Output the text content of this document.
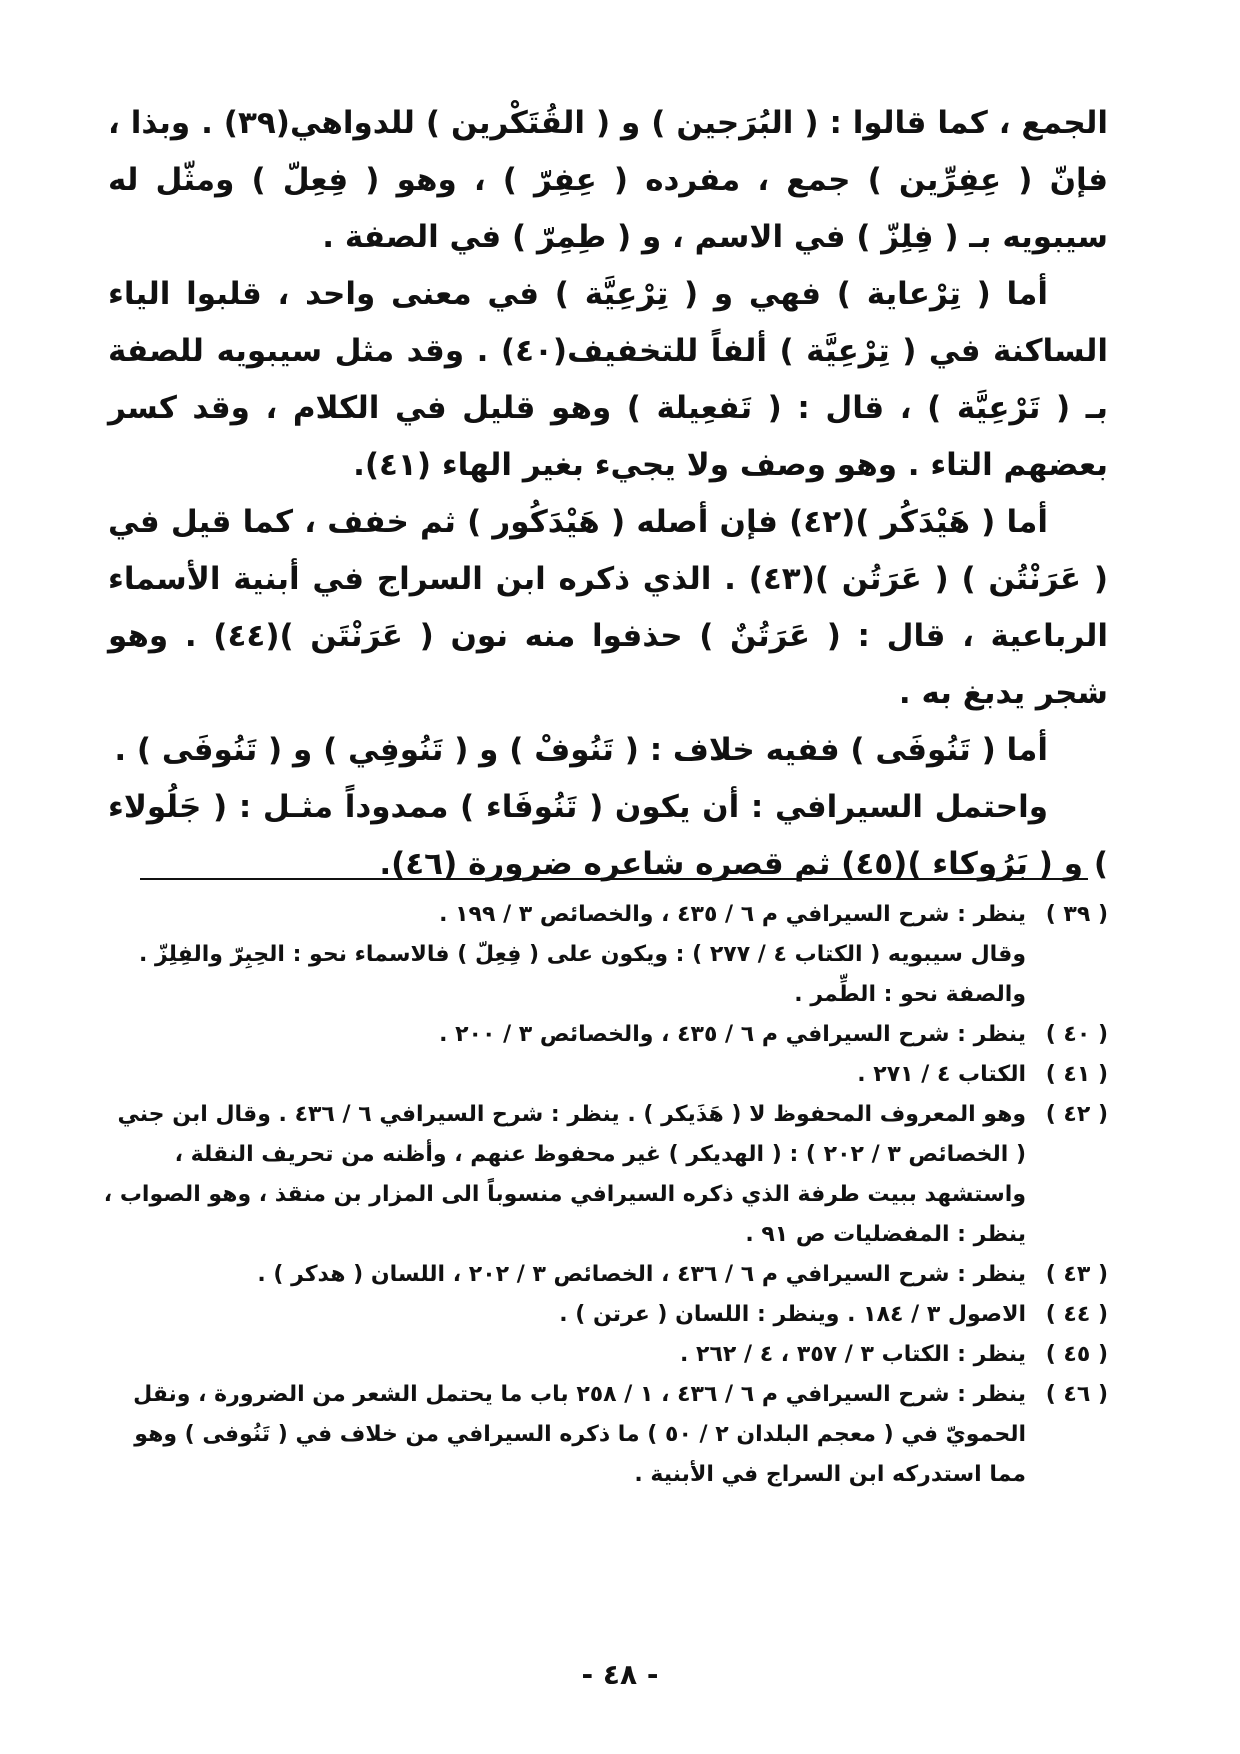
الجمع ، كما قالوا : ( البُرَجين ) و ( القُتَكْرين ) للدواهي(٣٩) . وبذا ، فإنّ ( عِفِرِّين ) جمع ، مفرده ( عِفِرّ ) ، وهو ( فِعِلّ ) ومثّل له سيبويه بـ ( فِلِزّ ) في الاسم ، و ( طِمِرّ ) في الصفة .

أما ( تِرْعاية ) فهي و ( تِرْعِيَّة ) في معنى واحد ، قلبوا الياء الساكنة في ( تِرْعِيَّة ) ألفاً للتخفيف(٤٠) . وقد مثل سيبويه للصفة بـ ( تَرْعِيَّة ) ، قال : ( تَفعِيلة ) وهو قليل في الكلام ، وقد كسر بعضهم التاء . وهو وصف ولا يجيء بغير الهاء (٤١).

أما ( هَيْدَكُر )(٤٢) فإن أصله ( هَيْدَكُور ) ثم خفف ، كما قيل في ( عَرَنْتُن ) ( عَرَتُن )(٤٣) . الذي ذكره ابن السراج في أبنية الأسماء الرباعية ، قال : ( عَرَتُنٌ ) حذفوا منه نون ( عَرَنْتَن )(٤٤) . وهو شجر يدبغ به .

أما ( تَنُوفَى ) ففيه خلاف : ( تَنُوفْ ) و ( تَنُوفِي ) و ( تَنُوفَى ) .

واحتمل السيرافي : أن يكون ( تَنُوفَاء ) ممدوداً مثـل : ( جَلُولاء ) و ( بَرُوكاء )(٤٥) ثم قصره شاعره ضرورة (٤٦).

( ٣٩ )
ينظر : شرح السيرافي م ٦ / ٤٣٥ ، والخصائص ٣ / ١٩٩ .
وقال سيبويه ( الكتاب ٤ / ٢٧٧ ) : ويكون على ( فِعِلّ ) فالاسماء نحو : الحِبِرّ والفِلِزّ .
والصفة نحو : الطِّمر .
( ٤٠ )
ينظر : شرح السيرافي م ٦ / ٤٣٥ ، والخصائص ٣ / ٢٠٠ .
( ٤١ )
الكتاب ٤ / ٢٧١ .
( ٤٢ )
وهو المعروف المحفوظ لا ( هَذَيكر ) . ينظر : شرح السيرافي ٦ / ٤٣٦ . وقال ابن جني
( الخصائص ٣ / ٢٠٢ ) : ( الهديكر ) غير محفوظ عنهم ، وأظنه من تحريف النقلة ،
واستشهد ببيت طرفة الذي ذكره السيرافي منسوباً الى المزار بن منقذ ، وهو الصواب ،
ينظر : المفضليات ص ٩١ .
( ٤٣ )
ينظر : شرح السيرافي م ٦ / ٤٣٦ ، الخصائص ٣ / ٢٠٢ ، اللسان ( هدكر ) .
( ٤٤ )
الاصول ٣ / ١٨٤ . وينظر : اللسان ( عرتن ) .
( ٤٥ )
ينظر : الكتاب ٣ / ٣٥٧ ، ٤ / ٢٦٢ .
( ٤٦ )
ينظر : شرح السيرافي م ٦ / ٤٣٦ ، ١ / ٢٥٨ باب ما يحتمل الشعر من الضرورة ، ونقل
الحمويّ في ( معجم البلدان ٢ / ٥٠ ) ما ذكره السيرافي من خلاف في ( تَنُوفى ) وهو
مما استدركه ابن السراج في الأبنية .
- ٤٨ -
